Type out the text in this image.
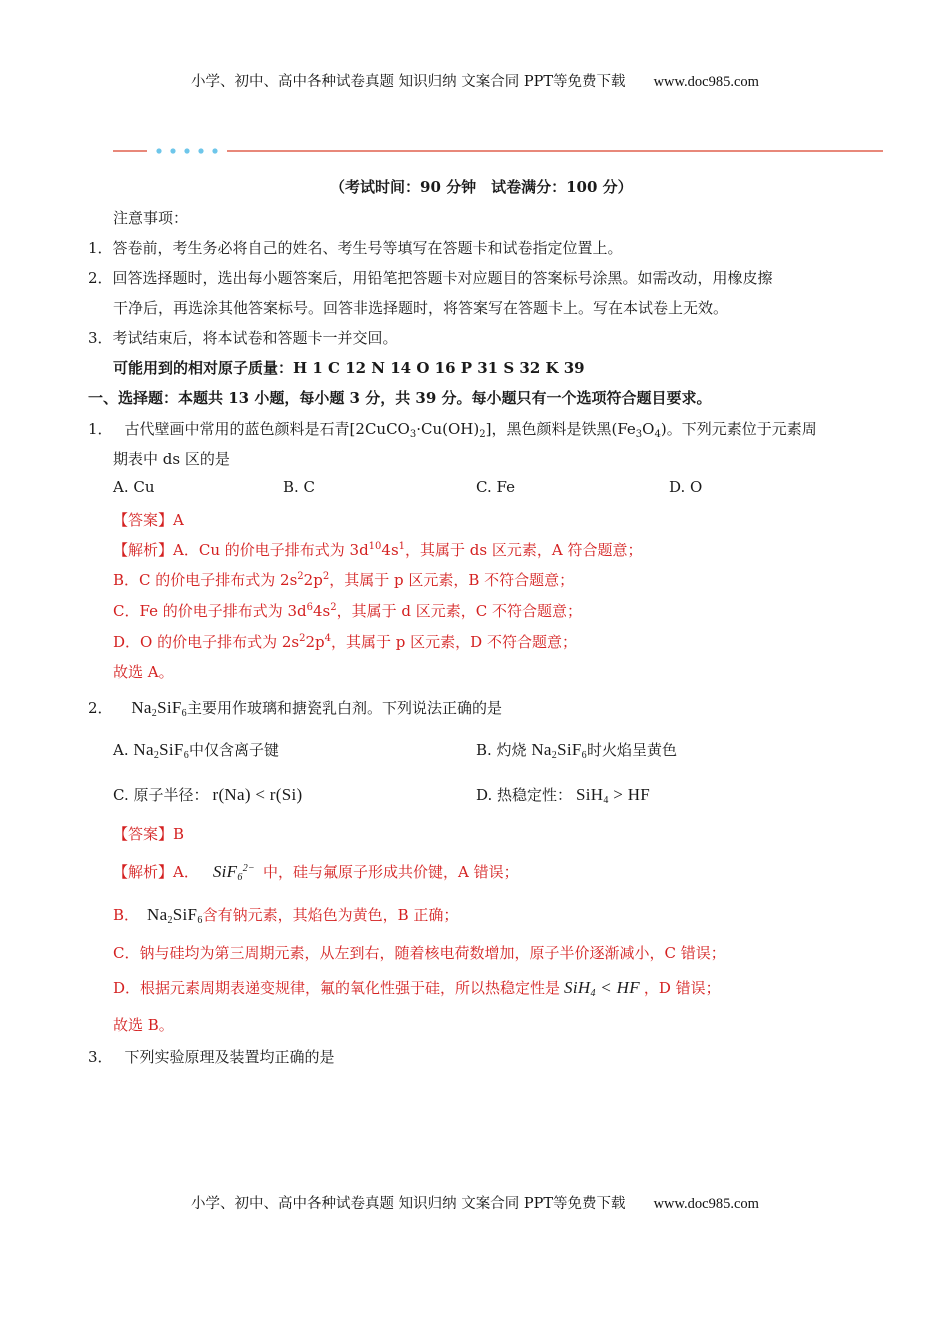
小学、初中、高中各种试卷真题 知识归纳 文案合同 PPT等免费下载 www.doc985.com
（考试时间：90 分钟　试卷满分：100 分）
注意事项：
1．答卷前，考生务必将自己的姓名、考生号等填写在答题卡和试卷指定位置上。
2．回答选择题时，选出每小题答案后，用铅笔把答题卡对应题目的答案标号涂黑。如需改动，用橡皮擦
干净后，再选涂其他答案标号。回答非选择题时，将答案写在答题卡上。写在本试卷上无效。
3．考试结束后，将本试卷和答题卡一并交回。
可能用到的相对原子质量：H 1 C 12 N 14 O 16 P 31 S 32 K 39
一、选择题：本题共 13 小题，每小题 3 分，共 39 分。每小题只有一个选项符合题目要求。
1． 古代壁画中常用的蓝色颜料是石青$[2CuCO_3\cdot Cu(OH)_2]$，黑色颜料是铁黑$(Fe_3O_4)$。下列元素位于元素周
期表中 ds 区的是
A. Cu	B. C	C. Fe	D. O
【答案】A
【解析】A．Cu 的价电子排布式为 $3d^{10}4s^1$，其属于 ds 区元素，A 符合题意；
B．C 的价电子排布式为 $2s^22p^2$，其属于 p 区元素，B 不符合题意；
C．Fe 的价电子排布式为 $3d^64s^2$，其属于 d 区元素，C 不符合题意；
D．O 的价电子排布式为 $2s^22p^4$，其属于 p 区元素，D 不符合题意；
故选 A。
2． $Na_2SiF_6$主要用作玻璃和搪瓷乳白剂。下列说法正确的是
A. $Na_2SiF_6$中仅含离子键	B. 灼烧 $Na_2SiF_6$时火焰呈黄色
C. 原子半径： r(Na) < r(Si)	D. 热稳定性： SiH$_4$ > HF
【答案】B
【解析】A． SiF$_6^{2-}$ 中，硅与氟原子形成共价键，A 错误；
B． $Na_2SiF_6$含有钠元素，其焰色为黄色，B 正确；
C．钠与硅均为第三周期元素，从左到右，随着核电荷数增加，原子半价逐渐减小，C 错误；
D．根据元素周期表递变规律，氟的氧化性强于硅，所以热稳定性是 SiH$_4$ < HF ，D 错误；
故选 B。
3． 下列实验原理及装置均正确的是
小学、初中、高中各种试卷真题 知识归纳 文案合同 PPT等免费下载 www.doc985.com
